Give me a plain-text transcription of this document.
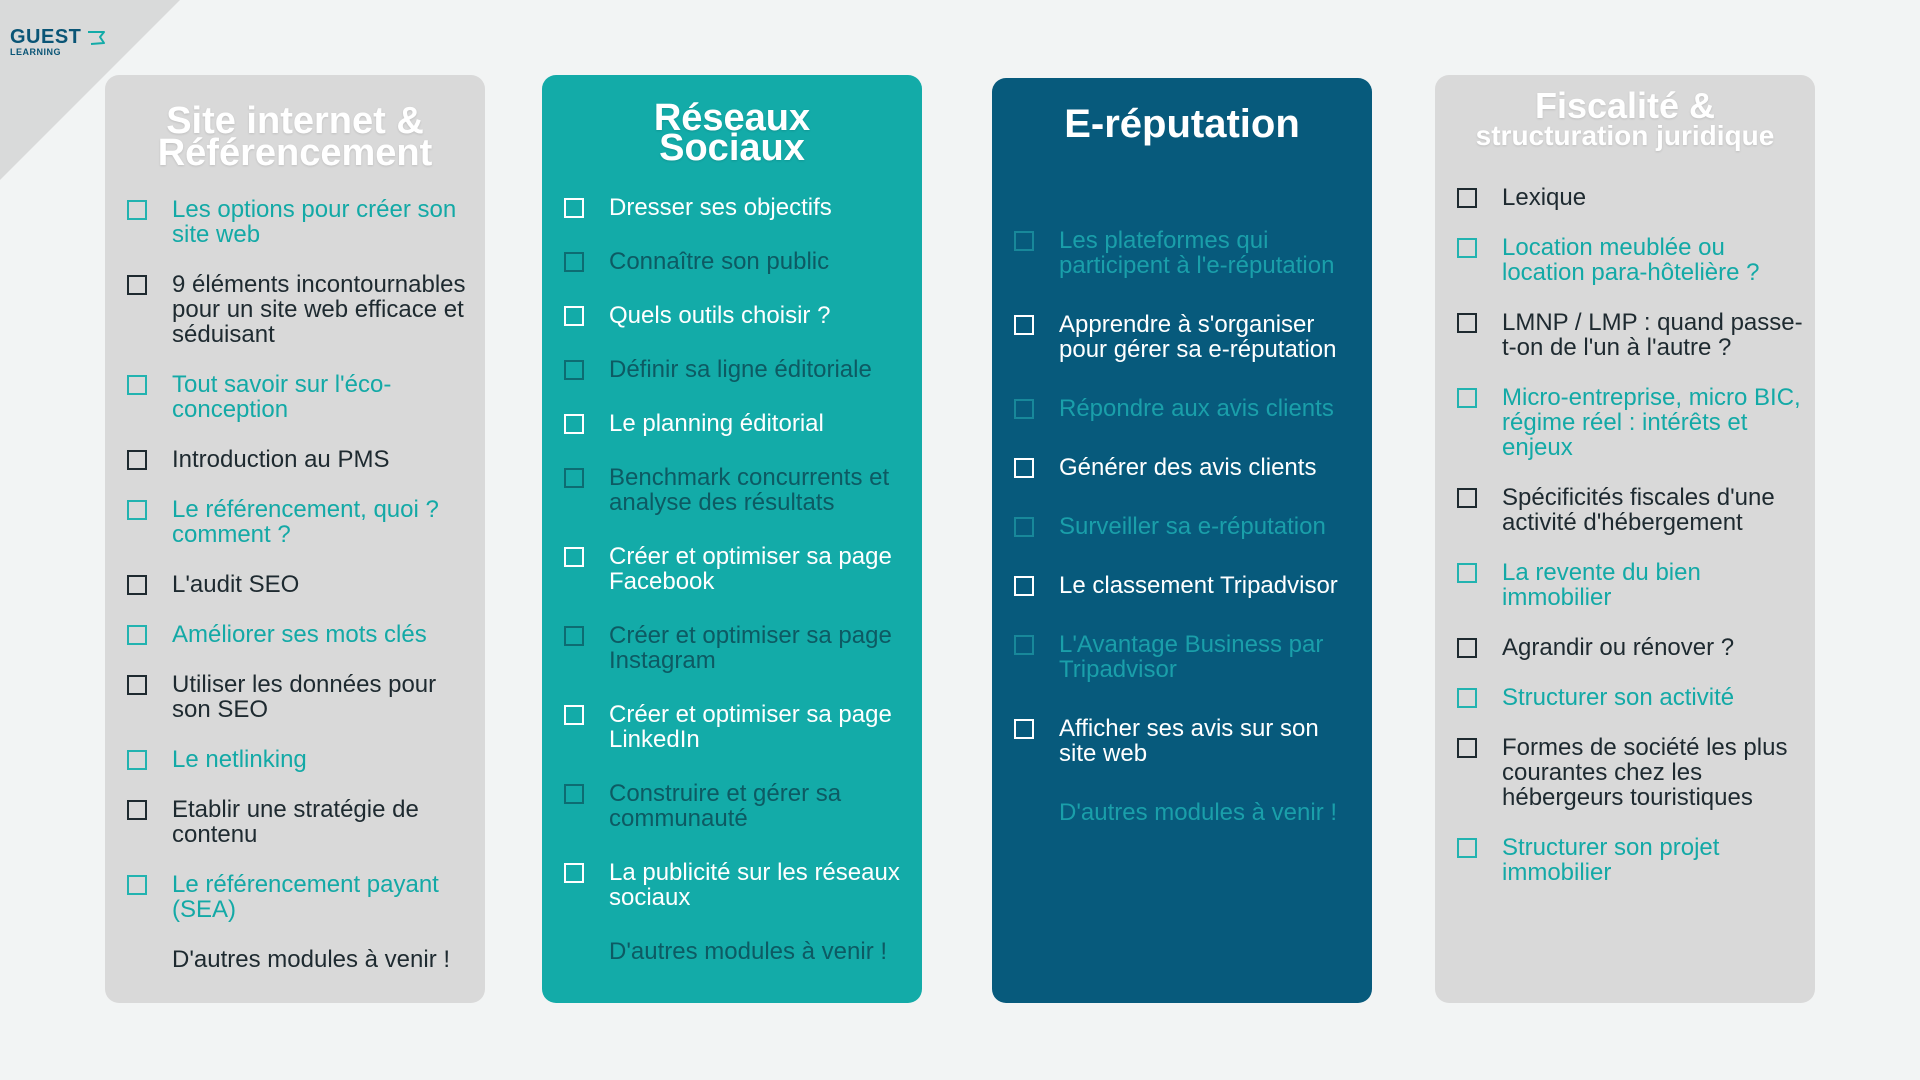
GUEST
LEARNING
Site internet &
Référencement
Les options pour créer son site web
9 éléments incontournables pour un site web efficace et séduisant
Tout savoir sur l'éco-conception
Introduction au PMS
Le référencement, quoi ? comment ?
L'audit SEO
Améliorer ses mots clés
Utiliser les données pour son SEO
Le netlinking
Etablir une stratégie de contenu
Le référencement payant (SEA)
D'autres modules à venir !
Réseaux
Sociaux
Dresser ses objectifs
Connaître son public
Quels outils choisir ?
Définir sa ligne éditoriale
Le planning éditorial
Benchmark concurrents et analyse des résultats
Créer et optimiser sa page Facebook
Créer et optimiser sa page Instagram
Créer et optimiser sa page LinkedIn
Construire et gérer sa communauté
La publicité sur les réseaux sociaux
D'autres modules à venir !
E-réputation
Les plateformes qui participent à l'e-réputation
Apprendre à s'organiser pour gérer sa e-réputation
Répondre aux avis clients
Générer des avis clients
Surveiller sa e-réputation
Le classement Tripadvisor
L'Avantage Business par Tripadvisor
Afficher ses avis sur son site web
D'autres modules à venir !
Fiscalité &
structuration juridique
Lexique
Location meublée ou location para-hôtelière ?
LMNP / LMP : quand passe-t-on de l'un à l'autre ?
Micro-entreprise, micro BIC, régime réel : intérêts et enjeux
Spécificités fiscales d'une activité d'hébergement
La revente du bien immobilier
Agrandir ou rénover ?
Structurer son activité
Formes de société les plus courantes chez les hébergeurs touristiques
Structurer son projet immobilier
